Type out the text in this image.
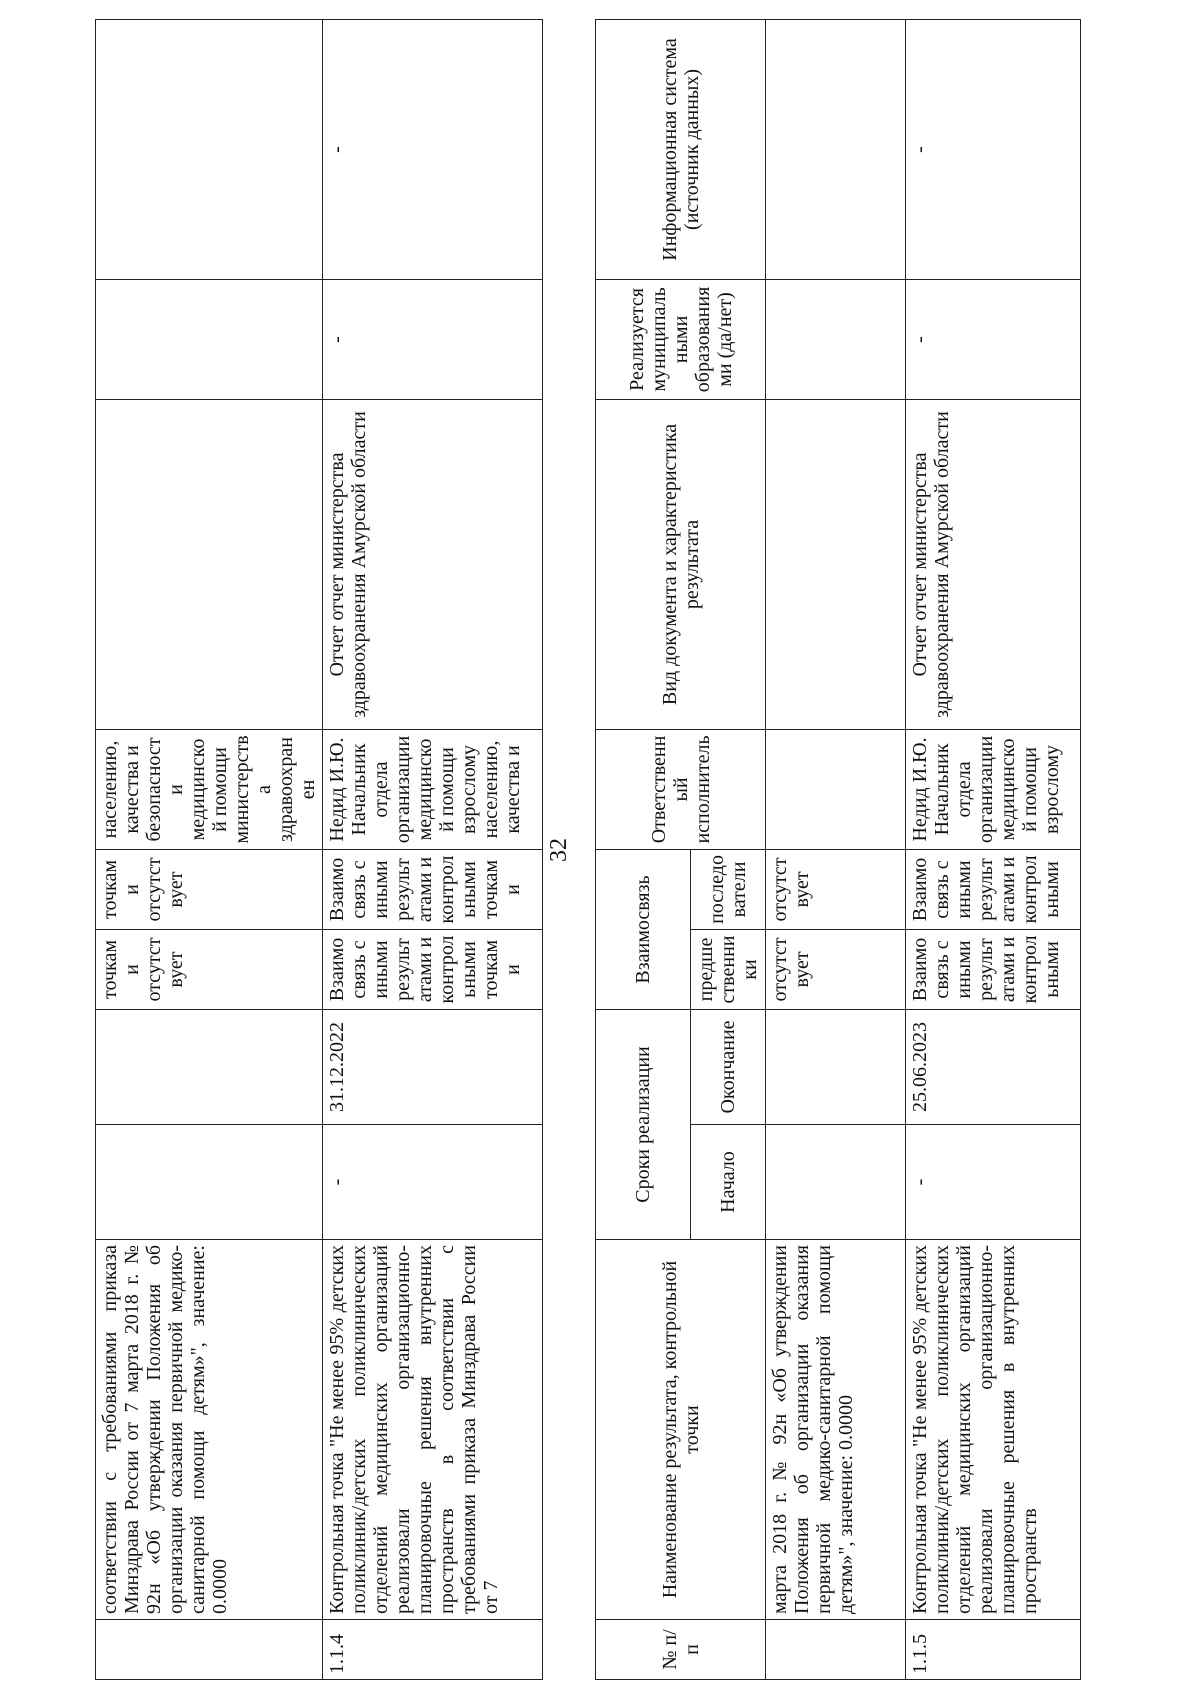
	соответствии с требованиями приказа Минздрава России от 7 марта 2018 г. № 92н «Об утверждении Положения об организации оказания первичной медико-санитарной помощи детям»", значение: 0.0000			точками отсутствует	точками отсутствует	населению, качества и безопасности медицинской помощи министерства здравоохранен			
1.1.4	Контрольная точка "Не менее 95% детских поликлиник/детских поликлинических отделений медицинских организаций реализовали организационно-планировочные решения внутренних пространств в соответствии с требованиями приказа Минздрава России от 7	-	31.12.2022	Взаимосвязь с иными результатами и контрольными точками	Взаимосвязь с иными результатами и контрольными точками	Недид И.Ю. Начальник отдела организации медицинской помощи взрослому населению, качества и	Отчет отчет министерства здравоохранения Амурской области	-	-
32
№ п/п	Наименование результата, контрольной точки	Сроки реализации		Взаимосвязь		Ответственный исполнитель	Вид документа и характеристика результата	Реализуется муниципальными образованиями (да/нет)	Информационная система (источник данных)
		Начало	Окончание	предшественники	последователи				
	марта 2018 г. № 92н «Об утверждении Положения об организации оказания первичной медико-санитарной помощи детям»", значение: 0.0000			отсутствует	отсутствует				
1.1.5	Контрольная точка "Не менее 95% детских поликлиник/детских поликлинических отделений медицинских организаций реализовали организационно-планировочные решения в внутренних пространств	-	25.06.2023	Взаимосвязь с иными результатами и контрольными	Взаимосвязь с иными результатами и контрольными	Недид И.Ю. Начальник отдела организации медицинской помощи взрослому	Отчет отчет министерства здравоохранения Амурской области	-	-
